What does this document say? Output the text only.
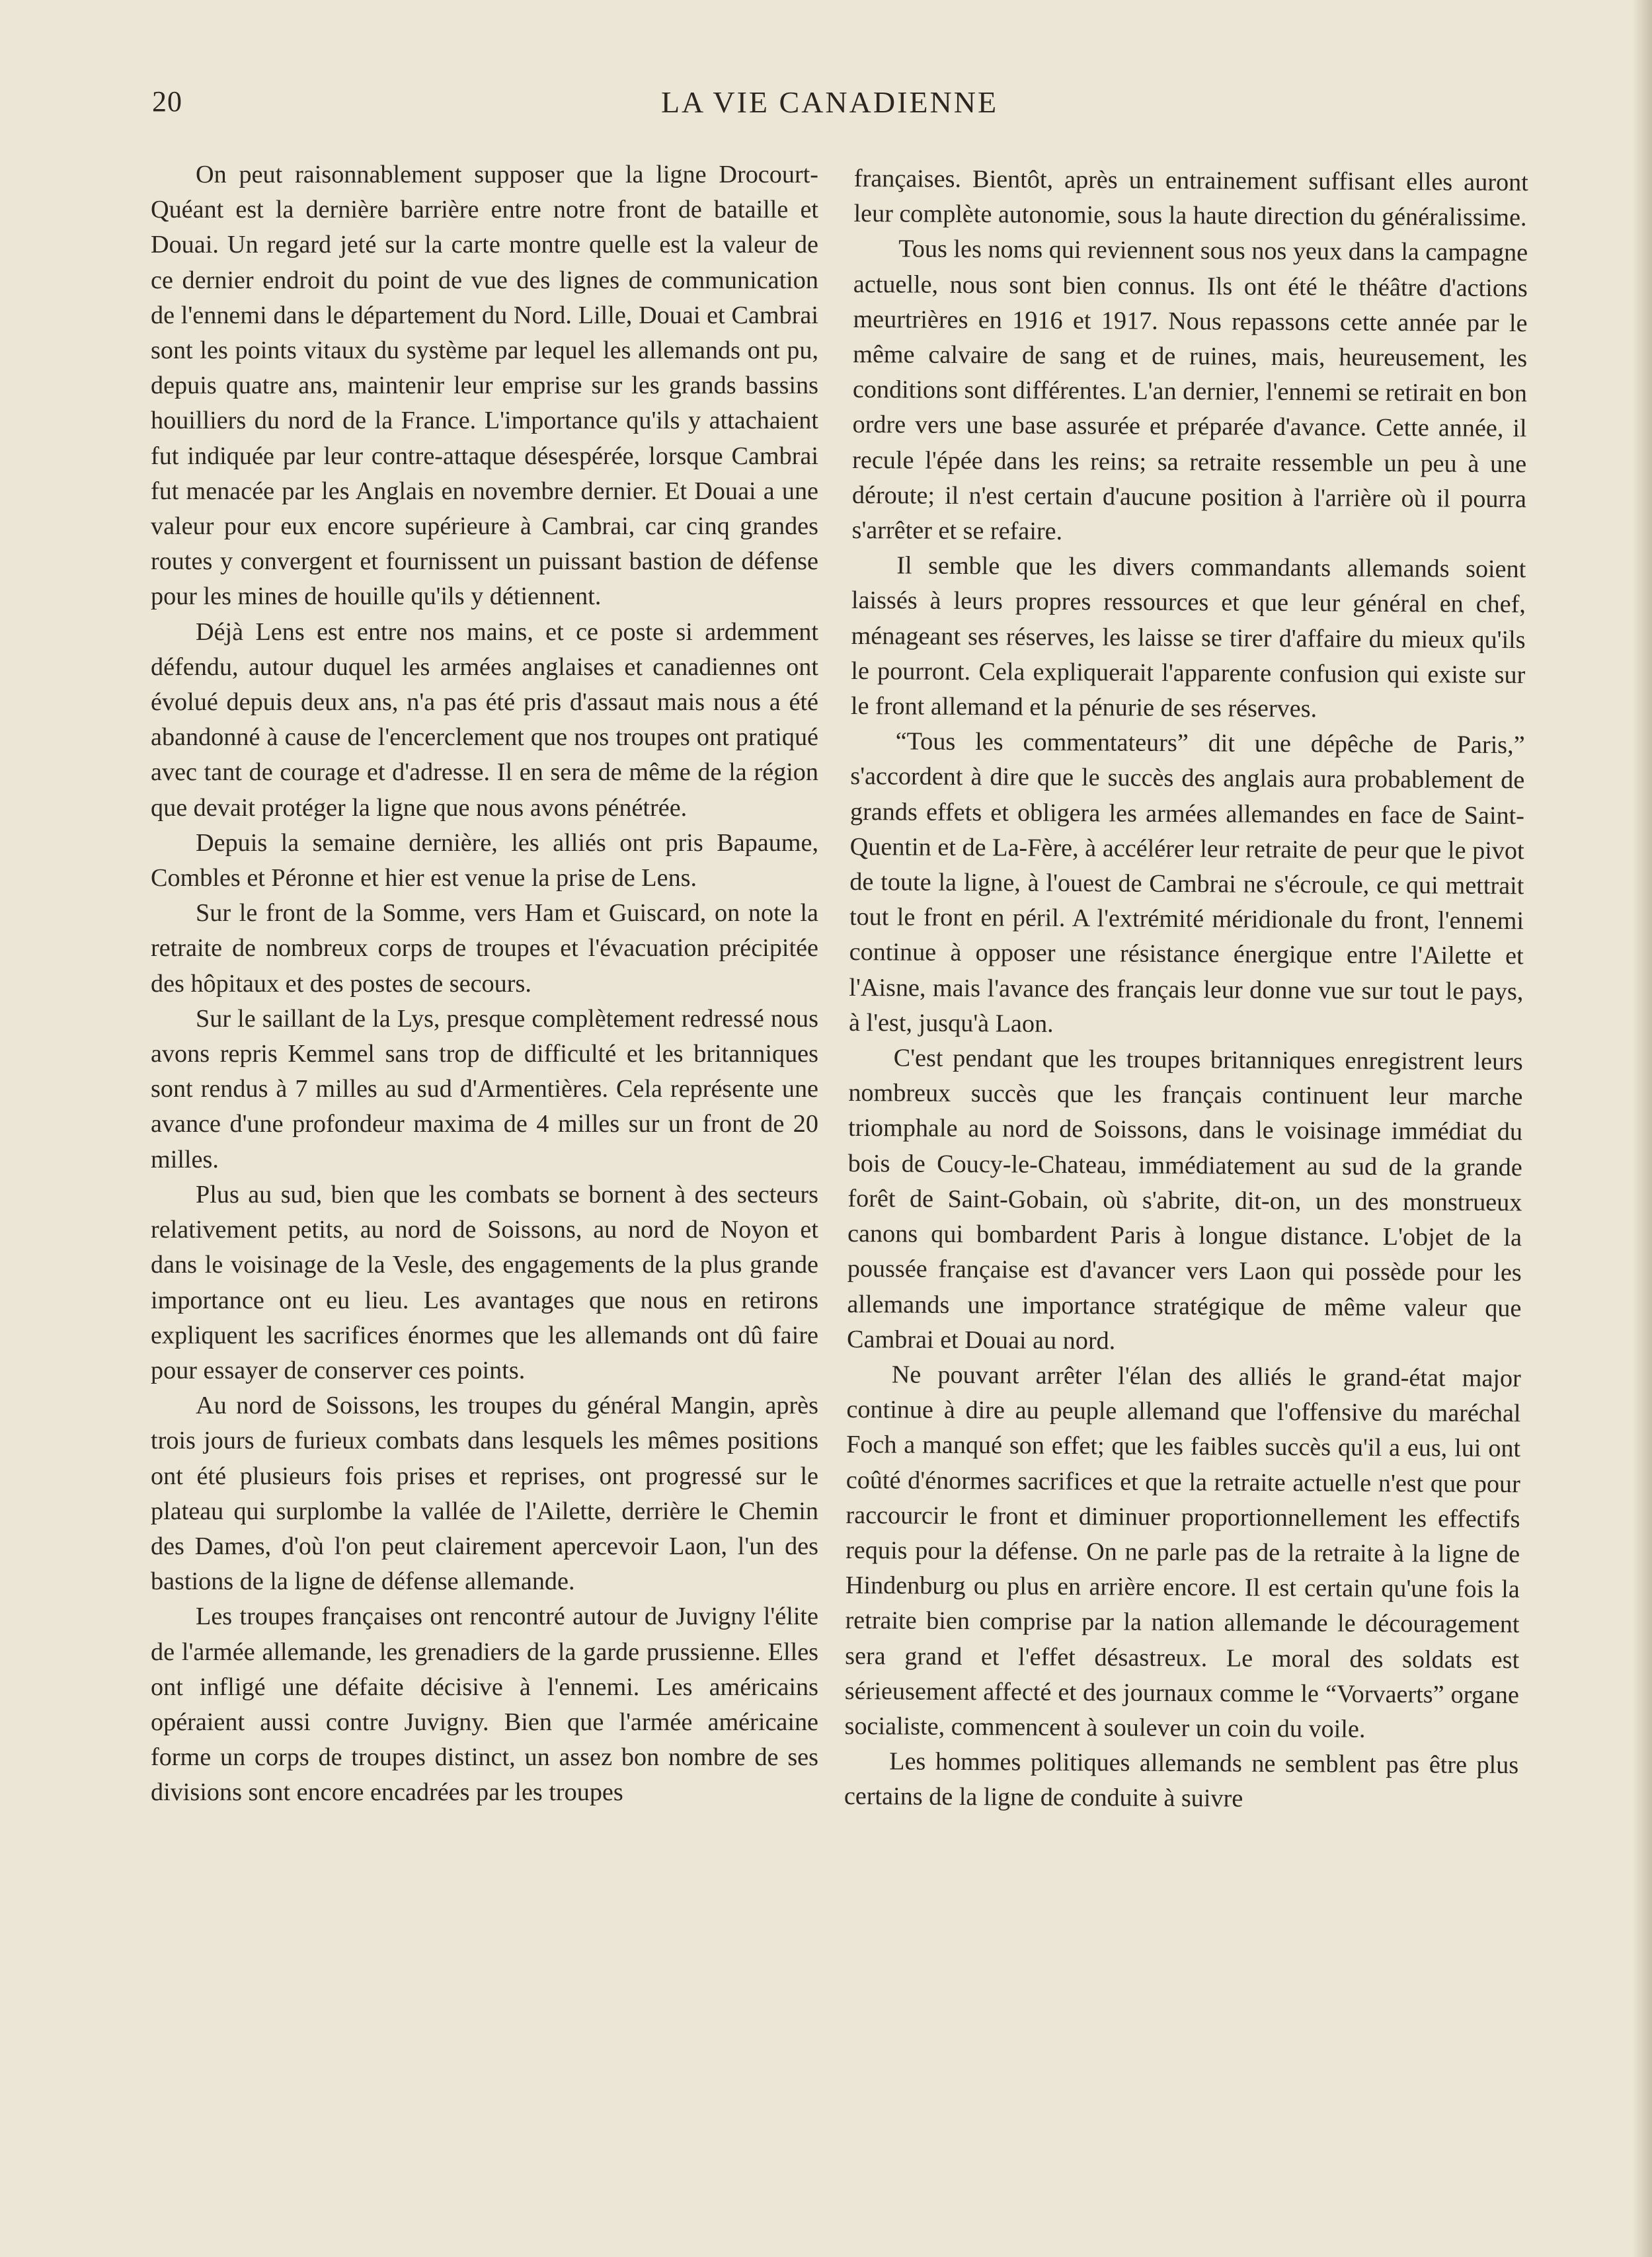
20	LA VIE CANADIENNE

On peut raisonnablement supposer que la ligne Drocourt-Quéant est la dernière barrière entre notre front de bataille et Douai. Un regard jeté sur la carte montre quelle est la valeur de ce dernier endroit du point de vue des lignes de communication de l'ennemi dans le département du Nord. Lille, Douai et Cambrai sont les points vitaux du système par lequel les allemands ont pu, depuis quatre ans, maintenir leur emprise sur les grands bassins houilliers du nord de la France. L'importance qu'ils y attachaient fut indiquée par leur contre-attaque désespérée, lorsque Cambrai fut menacée par les Anglais en novembre dernier. Et Douai a une valeur pour eux encore supérieure à Cambrai, car cinq grandes routes y convergent et fournissent un puissant bastion de défense pour les mines de houille qu'ils y détiennent.

Déjà Lens est entre nos mains, et ce poste si ardemment défendu, autour duquel les armées anglaises et canadiennes ont évolué depuis deux ans, n'a pas été pris d'assaut mais nous a été abandonné à cause de l'encerclement que nos troupes ont pratiqué avec tant de courage et d'adresse. Il en sera de même de la région que devait protéger la ligne que nous avons pénétrée.

Depuis la semaine dernière, les alliés ont pris Bapaume, Combles et Péronne et hier est venue la prise de Lens.

Sur le front de la Somme, vers Ham et Guiscard, on note la retraite de nombreux corps de troupes et l'évacuation précipitée des hôpitaux et des postes de secours.

Sur le saillant de la Lys, presque complètement redressé nous avons repris Kemmel sans trop de difficulté et les britanniques sont rendus à 7 milles au sud d'Armentières. Cela représente une avance d'une profondeur maxima de 4 milles sur un front de 20 milles.

Plus au sud, bien que les combats se bornent à des secteurs relativement petits, au nord de Soissons, au nord de Noyon et dans le voisinage de la Vesle, des engagements de la plus grande importance ont eu lieu. Les avantages que nous en retirons expliquent les sacrifices énormes que les allemands ont dû faire pour essayer de conserver ces points.

Au nord de Soissons, les troupes du général Mangin, après trois jours de furieux combats dans lesquels les mêmes positions ont été plusieurs fois prises et reprises, ont progressé sur le plateau qui surplombe la vallée de l'Ailette, derrière le Chemin des Dames, d'où l'on peut clairement apercevoir Laon, l'un des bastions de la ligne de défense allemande.

Les troupes françaises ont rencontré autour de Juvigny l'élite de l'armée allemande, les grenadiers de la garde prussienne. Elles ont infligé une défaite décisive à l'ennemi. Les américains opéraient aussi contre Juvigny. Bien que l'armée américaine forme un corps de troupes distinct, un assez bon nombre de ses divisions sont encore encadrées par les troupes

françaises. Bientôt, après un entrainement suffisant elles auront leur complète autonomie, sous la haute direction du généralissime.

Tous les noms qui reviennent sous nos yeux dans la campagne actuelle, nous sont bien connus. Ils ont été le théâtre d'actions meurtrières en 1916 et 1917. Nous repassons cette année par le même calvaire de sang et de ruines, mais, heureusement, les conditions sont différentes. L'an dernier, l'ennemi se retirait en bon ordre vers une base assurée et préparée d'avance. Cette année, il recule l'épée dans les reins; sa retraite ressemble un peu à une déroute; il n'est certain d'aucune position à l'arrière où il pourra s'arrêter et se refaire.

Il semble que les divers commandants allemands soient laissés à leurs propres ressources et que leur général en chef, ménageant ses réserves, les laisse se tirer d'affaire du mieux qu'ils le pourront. Cela expliquerait l'apparente confusion qui existe sur le front allemand et la pénurie de ses réserves.

“Tous les commentateurs” dit une dépêche de Paris,” s'accordent à dire que le succès des anglais aura probablement de grands effets et obligera les armées allemandes en face de Saint-Quentin et de La-Fère, à accélérer leur retraite de peur que le pivot de toute la ligne, à l'ouest de Cambrai ne s'écroule, ce qui mettrait tout le front en péril. A l'extrémité méridionale du front, l'ennemi continue à opposer une résistance énergique entre l'Ailette et l'Aisne, mais l'avance des français leur donne vue sur tout le pays, à l'est, jusqu'à Laon.

C'est pendant que les troupes britanniques enregistrent leurs nombreux succès que les français continuent leur marche triomphale au nord de Soissons, dans le voisinage immédiat du bois de Coucy-le-Chateau, immédiatement au sud de la grande forêt de Saint-Gobain, où s'abrite, dit-on, un des monstrueux canons qui bombardent Paris à longue distance. L'objet de la poussée française est d'avancer vers Laon qui possède pour les allemands une importance stratégique de même valeur que Cambrai et Douai au nord.

Ne pouvant arrêter l'élan des alliés le grand-état major continue à dire au peuple allemand que l'offensive du maréchal Foch a manqué son effet; que les faibles succès qu'il a eus, lui ont coûté d'énormes sacrifices et que la retraite actuelle n'est que pour raccourcir le front et diminuer proportionnellement les effectifs requis pour la défense. On ne parle pas de la retraite à la ligne de Hindenburg ou plus en arrière encore. Il est certain qu'une fois la retraite bien comprise par la nation allemande le découragement sera grand et l'effet désastreux. Le moral des soldats est sérieusement affecté et des journaux comme le “Vorvaerts” organe socialiste, commencent à soulever un coin du voile.

Les hommes politiques allemands ne semblent pas être plus certains de la ligne de conduite à suivre
